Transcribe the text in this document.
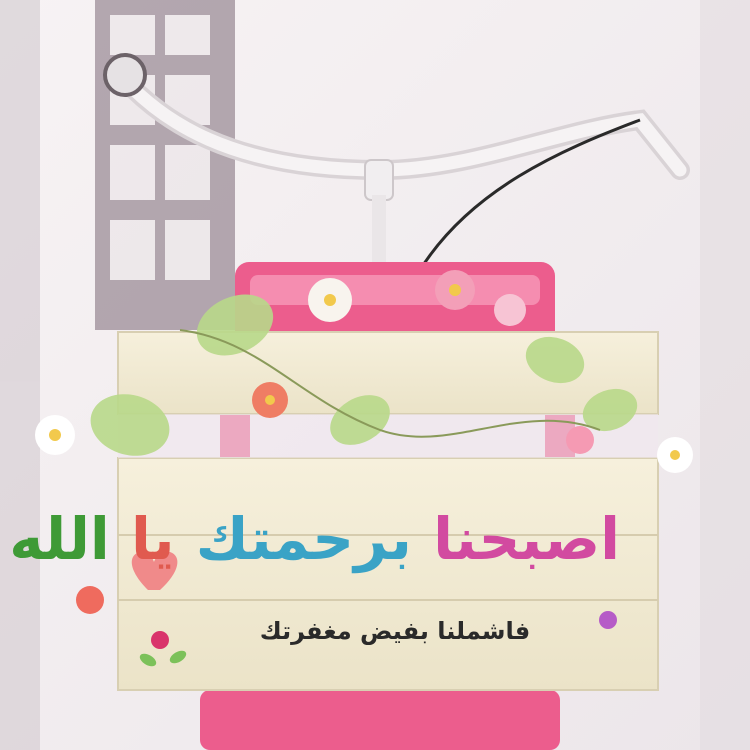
اصبحنا برحمتك يا الله
فاشملنا بفيض مغفرتك
